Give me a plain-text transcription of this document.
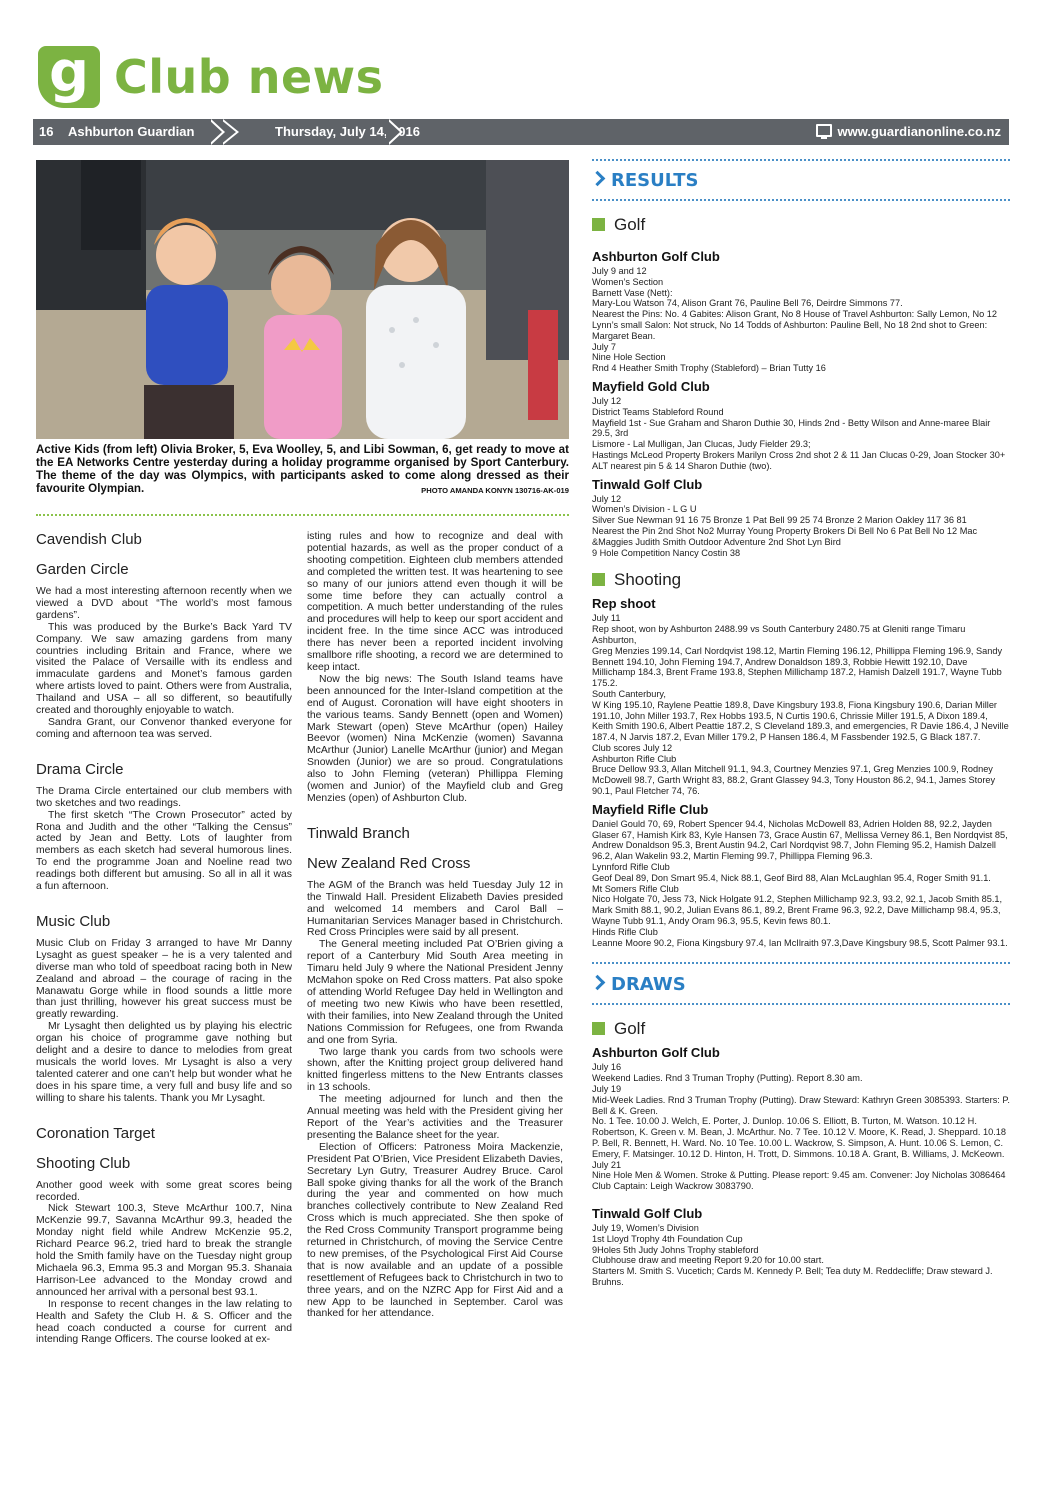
g Club news
16 Ashburton Guardian	Thursday, July 14, 2016	www.guardianonline.co.nz
Active Kids (from left) Olivia Broker, 5, Eva Woolley, 5, and Libi Sowman, 6, get ready to move at the EA Networks Centre yesterday during a holiday programme organised by Sport Canterbury. The theme of the day was Olympics, with participants asked to come along dressed as their favourite Olympian.	PHOTO AMANDA KONYN 130716-AK-019
Cavendish Club
Garden Circle

We had a most interesting afternoon recently when we viewed a DVD about “The world’s most famous gardens”.

This was produced by the Burke’s Back Yard TV Company. We saw amazing gardens from many countries including Britain and France, where we visited the Palace of Versaille with its endless and immaculate gardens and Monet’s famous garden where artists loved to paint. Others were from Australia, Thailand and USA – all so different, so beautifully created and thoroughly enjoyable to watch.

Sandra Grant, our Convenor thanked everyone for coming and afternoon tea was served.

Drama Circle

The Drama Circle entertained our club members with two sketches and two readings.

The first sketch “The Crown Prosecutor” acted by Rona and Judith and the other “Talking the Census” acted by Jean and Betty. Lots of laughter from members as each sketch had several humorous lines. To end the programme Joan and Noeline read two readings both different but amusing. So all in all it was a fun afternoon.

Music Club

Music Club on Friday 3 arranged to have Mr Danny Lysaght as guest speaker – he is a very talented and diverse man who told of speedboat racing both in New Zealand and abroad – the courage of racing in the Manawatu Gorge while in flood sounds a little more than just thrilling, however his great success must be greatly rewarding.

Mr Lysaght then delighted us by playing his electric organ his choice of programme gave nothing but delight and a desire to dance to melodies from great musicals the world loves. Mr Lysaght is also a very talented caterer and one can’t help but wonder what he does in his spare time, a very full and busy life and so willing to share his talents. Thank you Mr Lysaght.

Coronation Target
Shooting Club

Another good week with some great scores being recorded.

Nick Stewart 100.3, Steve McArthur 100.7, Nina McKenzie 99.7, Savanna McArthur 99.3, headed the Monday night field while Andrew McKenzie 95.2, Richard Pearce 96.2, tried hard to break the strangle hold the Smith family have on the Tuesday night group Michaela 96.3, Emma 95.3 and Morgan 95.3. Shanaia Harrison-Lee advanced to the Monday crowd and announced her arrival with a personal best 93.1.

In response to recent changes in the law relating to Health and Safety the Club H. & S. Officer and the head coach conducted a course for current and intending Range Officers. The course looked at ex-

isting rules and how to recognize and deal with potential hazards, as well as the proper conduct of a shooting competition. Eighteen club members attended and completed the written test. It was heartening to see so many of our juniors attend even though it will be some time before they can actually control a competition. A much better understanding of the rules and procedures will help to keep our sport accident and incident free. In the time since ACC was introduced there has never been a reported incident involving smallbore rifle shooting, a record we are determined to keep intact.

Now the big news: The South Island teams have been announced for the Inter-Island competition at the end of August. Coronation will have eight shooters in the various teams. Sandy Bennett (open and Women) Mark Stewart (open) Steve McArthur (open) Hailey Beevor (women) Nina McKenzie (women) Savanna McArthur (Junior) Lanelle McArthur (junior) and Megan Snowden (Junior) we are so proud. Congratulations also to John Fleming (veteran) Phillippa Fleming (women and Junior) of the Mayfield club and Greg Menzies (open) of Ashburton Club.

Tinwald Branch
New Zealand Red Cross

The AGM of the Branch was held Tuesday July 12 in the Tinwald Hall. President Elizabeth Davies presided and welcomed 14 members and Carol Ball – Humanitarian Services Manager based in Christchurch. Red Cross Principles were said by all present.

The General meeting included Pat O’Brien giving a report of a Canterbury Mid South Area meeting in Timaru held July 9 where the National President Jenny McMahon spoke on Red Cross matters. Pat also spoke of attending World Refugee Day held in Wellington and of meeting two new Kiwis who have been resettled, with their families, into New Zealand through the United Nations Commission for Refugees, one from Rwanda and one from Syria.

Two large thank you cards from two schools were shown, after the Knitting project group delivered hand knitted fingerless mittens to the New Entrants classes in 13 schools.

The meeting adjourned for lunch and then the Annual meeting was held with the President giving her Report of the Year’s activities and the Treasurer presenting the Balance sheet for the year.

Election of Officers: Patroness Moira Mackenzie, President Pat O’Brien, Vice President Elizabeth Davies, Secretary Lyn Gutry, Treasurer Audrey Bruce. Carol Ball spoke giving thanks for all the work of the Branch during the year and commented on how much branches collectively contribute to New Zealand Red Cross which is much appreciated. She then spoke of the Red Cross Community Transport programme being returned in Christchurch, of moving the Service Centre to new premises, of the Psychological First Aid Course that is now available and an update of a possible resettlement of Refugees back to Christchurch in two to three years, and on the NZRC App for First Aid and a new App to be launched in September. Carol was thanked for her attendance.

RESULTS
Golf
Ashburton Golf Club
July 9 and 12
Women’s Section
Barnett Vase (Nett):
Mary-Lou Watson 74, Alison Grant 76, Pauline Bell 76, Deirdre Simmons 77.
Nearest the Pins: No. 4 Gabites: Alison Grant, No 8 House of Travel Ashburton: Sally Lemon, No 12 Lynn’s small Salon: Not struck, No 14 Todds of Ashburton: Pauline Bell, No 18 2nd shot to Green: Margaret Bean.
July 7
Nine Hole Section
Rnd 4 Heather Smith Trophy (Stableford) – Brian Tutty 16
Mayfield Gold Club
July 12
District Teams Stableford Round
Mayfield 1st - Sue Graham and Sharon Duthie 30, Hinds 2nd - Betty Wilson and Anne-maree Blair 29.5, 3rd
Lismore - Lal Mulligan, Jan Clucas, Judy Fielder 29.3;
Hastings McLeod Property Brokers Marilyn Cross 2nd shot 2 & 11 Jan Clucas 0-29, Joan Stocker 30+
ALT nearest pin 5 & 14 Sharon Duthie (two).
Tinwald Golf Club
July 12
Women’s Division - L G U
Silver Sue Newman 91 16 75 Bronze 1 Pat Bell 99 25 74 Bronze 2 Marion Oakley 117 36 81
Nearest the Pin 2nd Shot No2 Murray Young Property Brokers Di Bell No 6 Pat Bell No 12 Mac &Maggies Judith Smith Outdoor Adventure 2nd Shot Lyn Bird
9 Hole Competition Nancy Costin 38
Shooting
Rep shoot
July 11
Rep shoot, won by Ashburton 2488.99 vs South Canterbury 2480.75 at Gleniti range Timaru
Ashburton,
Greg Menzies 199.14, Carl Nordqvist 198.12, Martin Fleming 196.12, Phillippa Fleming 196.9, Sandy Bennett 194.10, John Fleming 194.7, Andrew Donaldson 189.3, Robbie Hewitt 192.10, Dave Millichamp 184.3, Brent Frame 193.8, Stephen Millichamp 187.2, Hamish Dalzell 191.7, Wayne Tubb 175.2.
South Canterbury,
W King 195.10, Raylene Peattie 189.8, Dave Kingsbury 193.8, Fiona Kingsbury 190.6, Darian Miller 191.10, John Miller 193.7, Rex Hobbs 193.5, N Curtis 190.6, Chrissie Miller 191.5, A Dixon 189.4, Keith Smith 190.6, Albert Peattie 187.2, S Cleveland 189.3, and emergencies, R Davie 186.4, J Neville 187.4, N Jarvis 187.2, Evan Miller 179.2, P Hansen 186.4, M Fassbender 192.5, G Black 187.7.
Club scores July 12
Ashburton Rifle Club
Bruce Dellow 93.3, Allan Mitchell 91.1, 94.3, Courtney Menzies 97.1, Greg Menzies 100.9, Rodney McDowell 98.7, Garth Wright 83, 88.2, Grant Glassey 94.3, Tony Houston 86.2, 94.1, James Storey 90.1, Paul Fletcher 74, 76.
Mayfield Rifle Club
Daniel Gould 70, 69, Robert Spencer 94.4, Nicholas McDowell 83, Adrien Holden 88, 92.2, Jayden Glaser 67, Hamish Kirk 83, Kyle Hansen 73, Grace Austin 67, Mellissa Verney 86.1, Ben Nordqvist 85, Andrew Donaldson 95.3, Brent Austin 94.2, Carl Nordqvist 98.7, John Fleming 95.2, Hamish Dalzell 96.2, Alan Wakelin 93.2, Martin Fleming 99.7, Phillippa Fleming 96.3.
Lynnford Rifle Club
Geof Deal 89, Don Smart 95.4, Nick 88.1, Geof Bird 88, Alan McLaughlan 95.4, Roger Smith 91.1.
Mt Somers Rifle Club
Nico Holgate 70, Jess 73, Nick Holgate 91.2, Stephen Millichamp 92.3, 93.2, 92.1, Jacob Smith 85.1, Mark Smith 88.1, 90.2, Julian Evans 86.1, 89.2, Brent Frame 96.3, 92.2, Dave Millichamp 98.4, 95.3, Wayne Tubb 91.1, Andy Oram 96.3, 95.5, Kevin fews 80.1.
Hinds Rifle Club
Leanne Moore 90.2, Fiona Kingsbury 97.4, Ian McIlraith 97.3,Dave Kingsbury 98.5, Scott Palmer 93.1.
DRAWS
Golf
Ashburton Golf Club
July 16
Weekend Ladies. Rnd 3 Truman Trophy (Putting). Report 8.30 am.
July 19
Mid-Week Ladies. Rnd 3 Truman Trophy (Putting). Draw Steward: Kathryn Green 3085393. Starters: P. Bell & K. Green.
No. 1 Tee. 10.00 J. Welch, E. Porter, J. Dunlop. 10.06 S. Elliott, B. Turton, M. Watson. 10.12 H. Robertson, K. Green v. M. Bean, J. McArthur. No. 7 Tee. 10.12 V. Moore, K. Read, J. Sheppard. 10.18 P. Bell, R. Bennett, H. Ward. No. 10 Tee. 10.00 L. Wackrow, S. Simpson, A. Hunt. 10.06 S. Lemon, C. Emery, F. Matsinger. 10.12 D. Hinton, H. Trott, D. Simmons. 10.18 A. Grant, B. Williams, J. McKeown.
July 21
Nine Hole Men & Women. Stroke & Putting. Please report: 9.45 am. Convener: Joy Nicholas 3086464
Club Captain: Leigh Wackrow 3083790.
Tinwald Golf Club
July 19, Women’s Division
1st Lloyd Trophy 4th Foundation Cup
9Holes 5th Judy Johns Trophy stableford
Clubhouse draw and meeting Report 9.20 for 10.00 start.
Starters M. Smith S. Vucetich; Cards M. Kennedy P. Bell; Tea duty M. Reddecliffe; Draw steward J. Bruhns.
